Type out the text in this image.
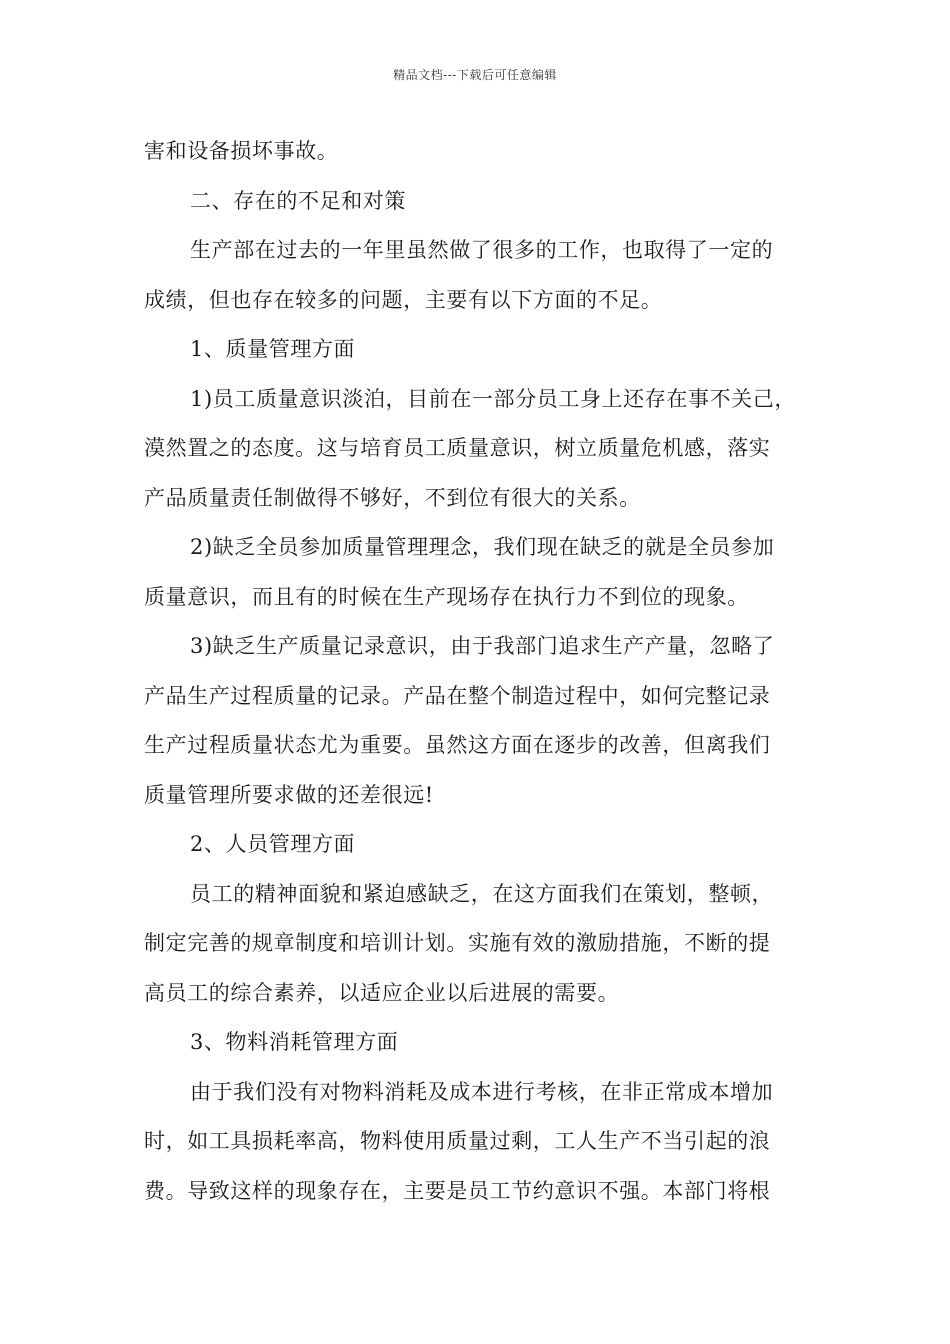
精品文档---下载后可任意编辑
害和设备损坏事故。
二、存在的不足和对策
生产部在过去的一年里虽然做了很多的工作，也取得了一定的
成绩，但也存在较多的问题，主要有以下方面的不足。
1、质量管理方面
1)员工质量意识淡泊，目前在一部分员工身上还存在事不关己，
漠然置之的态度。这与培育员工质量意识，树立质量危机感，落实
产品质量责任制做得不够好，不到位有很大的关系。
2)缺乏全员参加质量管理理念，我们现在缺乏的就是全员参加
质量意识，而且有的时候在生产现场存在执行力不到位的现象。
3)缺乏生产质量记录意识，由于我部门追求生产产量，忽略了
产品生产过程质量的记录。产品在整个制造过程中，如何完整记录
生产过程质量状态尤为重要。虽然这方面在逐步的改善，但离我们
质量管理所要求做的还差很远!
2、人员管理方面
员工的精神面貌和紧迫感缺乏，在这方面我们在策划，整顿，
制定完善的规章制度和培训计划。实施有效的激励措施，不断的提
高员工的综合素养，以适应企业以后进展的需要。
3、物料消耗管理方面
由于我们没有对物料消耗及成本进行考核，在非正常成本增加
时，如工具损耗率高，物料使用质量过剩，工人生产不当引起的浪
费。导致这样的现象存在，主要是员工节约意识不强。本部门将根
